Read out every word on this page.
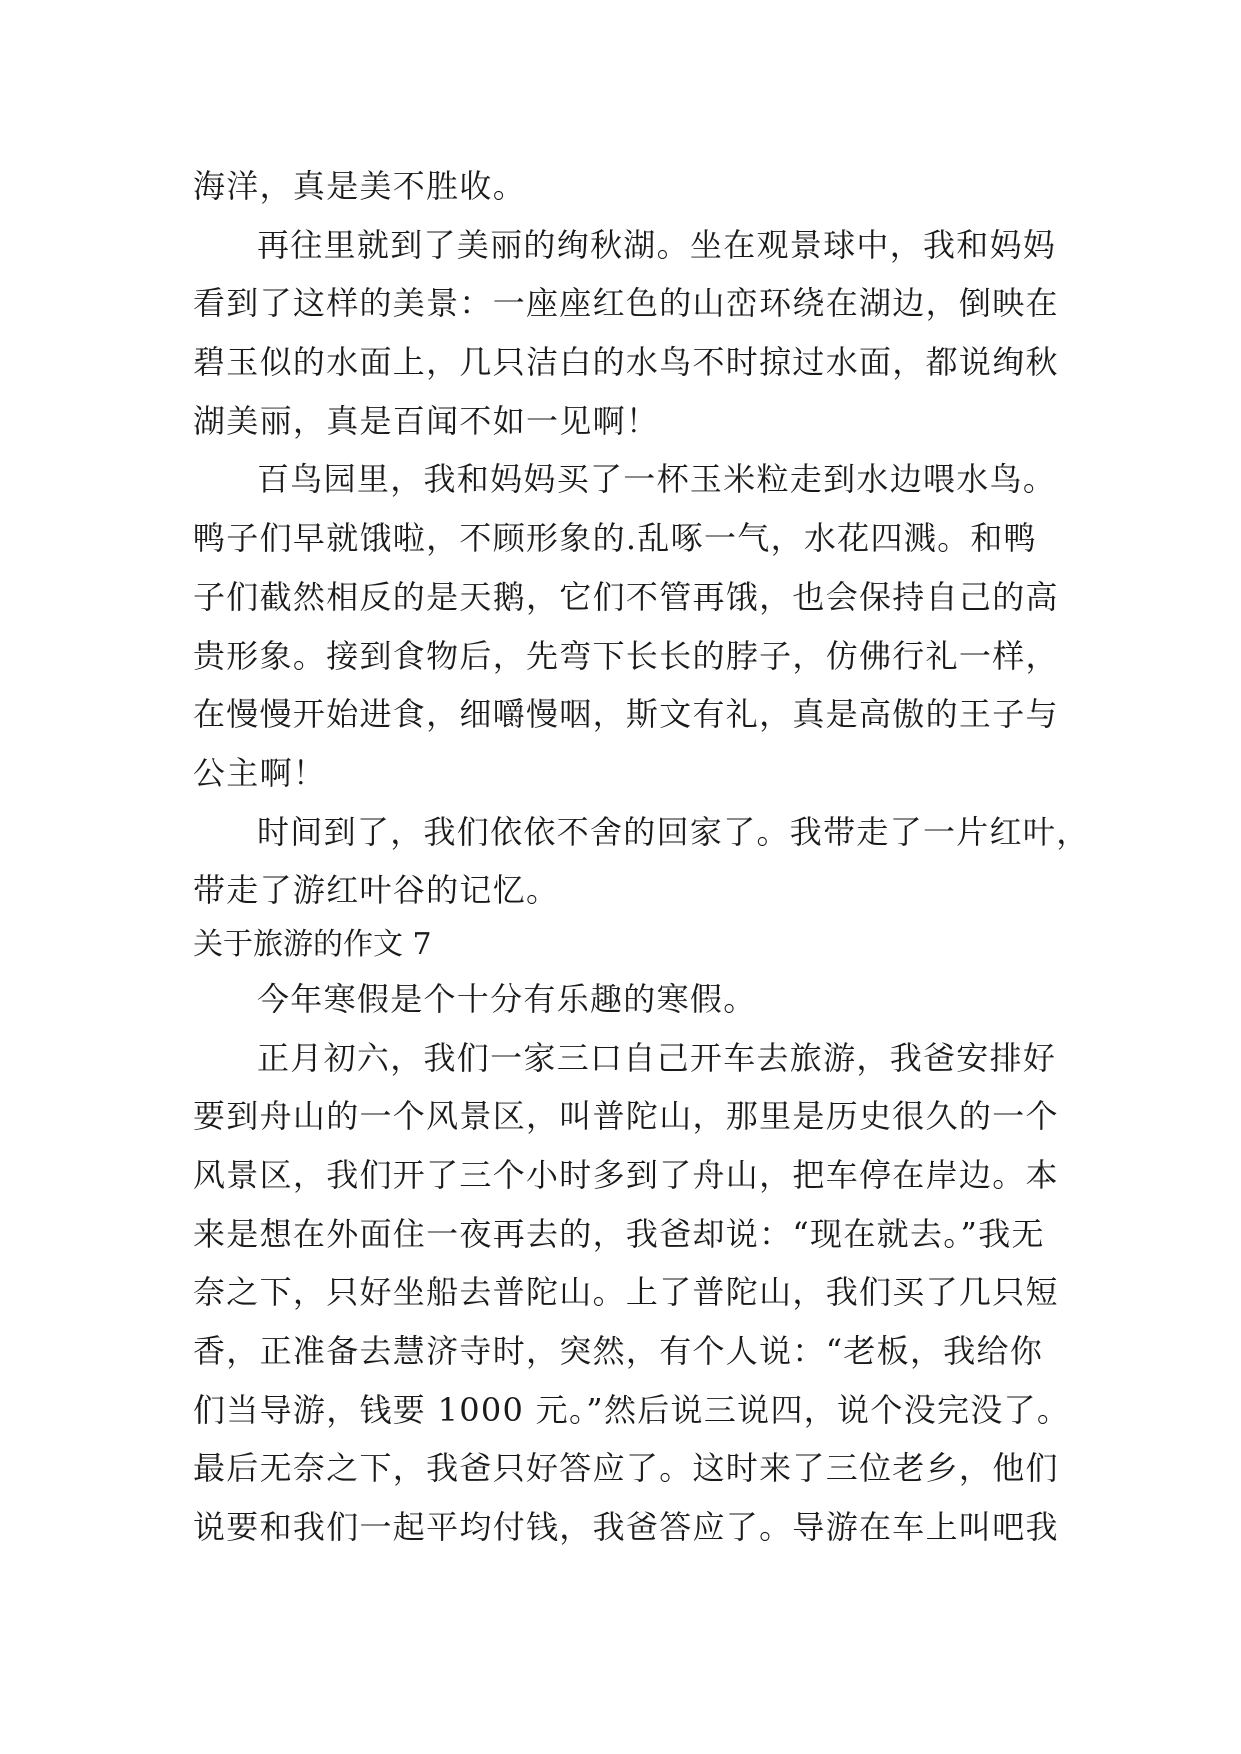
海洋，真是美不胜收。
再往里就到了美丽的绚秋湖。坐在观景球中，我和妈妈
看到了这样的美景：一座座红色的山峦环绕在湖边，倒映在
碧玉似的水面上，几只洁白的水鸟不时掠过水面，都说绚秋
湖美丽，真是百闻不如一见啊！
百鸟园里，我和妈妈买了一杯玉米粒走到水边喂水鸟。
鸭子们早就饿啦，不顾形象的.乱啄一气，水花四溅。和鸭
子们截然相反的是天鹅，它们不管再饿，也会保持自己的高
贵形象。接到食物后，先弯下长长的脖子，仿佛行礼一样，
在慢慢开始进食，细嚼慢咽，斯文有礼，真是高傲的王子与
公主啊！
时间到了，我们依依不舍的回家了。我带走了一片红叶，
带走了游红叶谷的记忆。
关于旅游的作文 7
今年寒假是个十分有乐趣的寒假。
正月初六，我们一家三口自己开车去旅游，我爸安排好
要到舟山的一个风景区，叫普陀山，那里是历史很久的一个
风景区，我们开了三个小时多到了舟山，把车停在岸边。本
来是想在外面住一夜再去的，我爸却说：“现在就去。”我无
奈之下，只好坐船去普陀山。上了普陀山，我们买了几只短
香，正准备去慧济寺时，突然，有个人说：“老板，我给你
们当导游，钱要 1000 元。”然后说三说四，说个没完没了。
最后无奈之下，我爸只好答应了。这时来了三位老乡，他们
说要和我们一起平均付钱，我爸答应了。导游在车上叫吧我
